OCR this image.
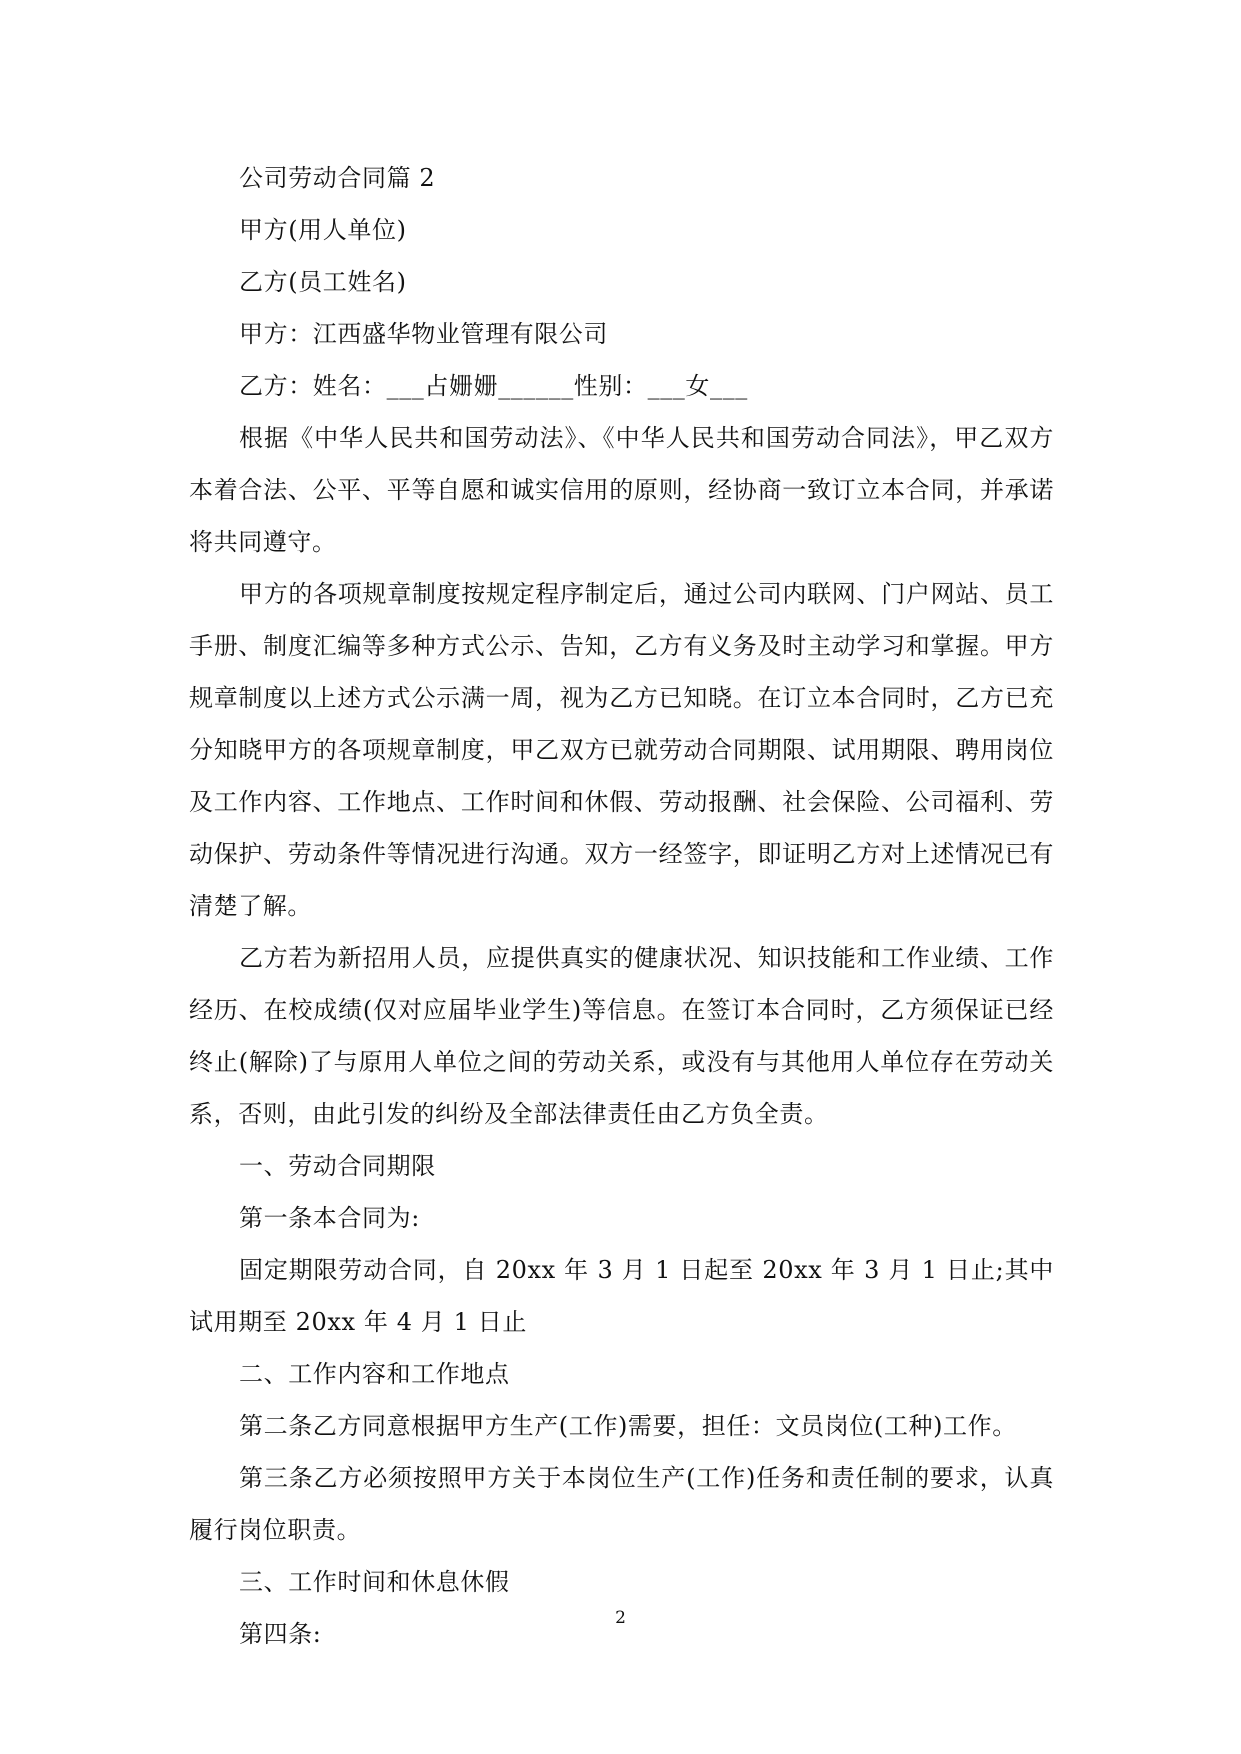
公司劳动合同篇 2

甲方(用人单位)

乙方(员工姓名)

甲方：江西盛华物业管理有限公司

乙方：姓名：___占姗姗______性别：___女___

根据《中华人民共和国劳动法》、《中华人民共和国劳动合同法》，甲乙双方本着合法、公平、平等自愿和诚实信用的原则，经协商一致订立本合同，并承诺将共同遵守。

甲方的各项规章制度按规定程序制定后，通过公司内联网、门户网站、员工手册、制度汇编等多种方式公示、告知，乙方有义务及时主动学习和掌握。甲方规章制度以上述方式公示满一周，视为乙方已知晓。在订立本合同时，乙方已充分知晓甲方的各项规章制度，甲乙双方已就劳动合同期限、试用期限、聘用岗位及工作内容、工作地点、工作时间和休假、劳动报酬、社会保险、公司福利、劳动保护、劳动条件等情况进行沟通。双方一经签字，即证明乙方对上述情况已有清楚了解。

乙方若为新招用人员，应提供真实的健康状况、知识技能和工作业绩、工作经历、在校成绩(仅对应届毕业学生)等信息。在签订本合同时，乙方须保证已经终止(解除)了与原用人单位之间的劳动关系，或没有与其他用人单位存在劳动关系，否则，由此引发的纠纷及全部法律责任由乙方负全责。

一、劳动合同期限

第一条本合同为:

固定期限劳动合同，自 20xx 年 3 月 1 日起至 20xx 年 3 月 1 日止;其中试用期至 20xx 年 4 月 1 日止

二、工作内容和工作地点

第二条乙方同意根据甲方生产(工作)需要，担任：文员岗位(工种)工作。

第三条乙方必须按照甲方关于本岗位生产(工作)任务和责任制的要求，认真履行岗位职责。

三、工作时间和休息休假

第四条:

2
